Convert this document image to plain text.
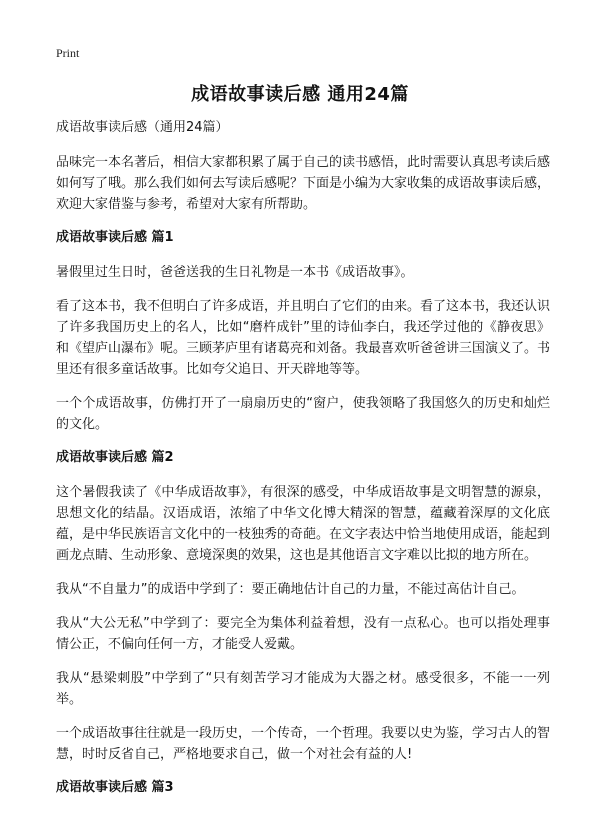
Print
成语故事读后感 通用24篇

成语故事读后感（通用24篇）

品味完一本名著后，相信大家都积累了属于自己的读书感悟，此时需要认真思考读后感如何写了哦。那么我们如何去写读后感呢？下面是小编为大家收集的成语故事读后感，欢迎大家借鉴与参考，希望对大家有所帮助。

成语故事读后感 篇1

暑假里过生日时，爸爸送我的生日礼物是一本书《成语故事》。

看了这本书，我不但明白了许多成语，并且明白了它们的由来。看了这本书，我还认识了许多我国历史上的名人，比如“磨杵成针”里的诗仙李白，我还学过他的《静夜思》和《望庐山瀑布》呢。三顾茅庐里有诸葛亮和刘备。我最喜欢听爸爸讲三国演义了。书里还有很多童话故事。比如夸父追日、开天辟地等等。

一个个成语故事，仿佛打开了一扇扇历史的“窗户，使我领略了我国悠久的历史和灿烂的文化。

成语故事读后感 篇2

这个暑假我读了《中华成语故事》，有很深的感受，中华成语故事是文明智慧的源泉，思想文化的结晶。汉语成语，浓缩了中华文化博大精深的智慧，蕴藏着深厚的文化底蕴，是中华民族语言文化中的一枝独秀的奇葩。在文字表达中恰当地使用成语，能起到画龙点睛、生动形象、意境深奥的效果，这也是其他语言文字难以比拟的地方所在。

我从“不自量力”的成语中学到了：要正确地估计自己的力量，不能过高估计自己。

我从“大公无私”中学到了：要完全为集体利益着想，没有一点私心。也可以指处理事情公正，不偏向任何一方，才能受人爱戴。

我从“悬梁刺股”中学到了“只有刻苦学习才能成为大器之材。感受很多，不能一一列举。

一个成语故事往往就是一段历史，一个传奇，一个哲理。我要以史为鉴，学习古人的智慧，时时反省自己，严格地要求自己，做一个对社会有益的人!

成语故事读后感 篇3
